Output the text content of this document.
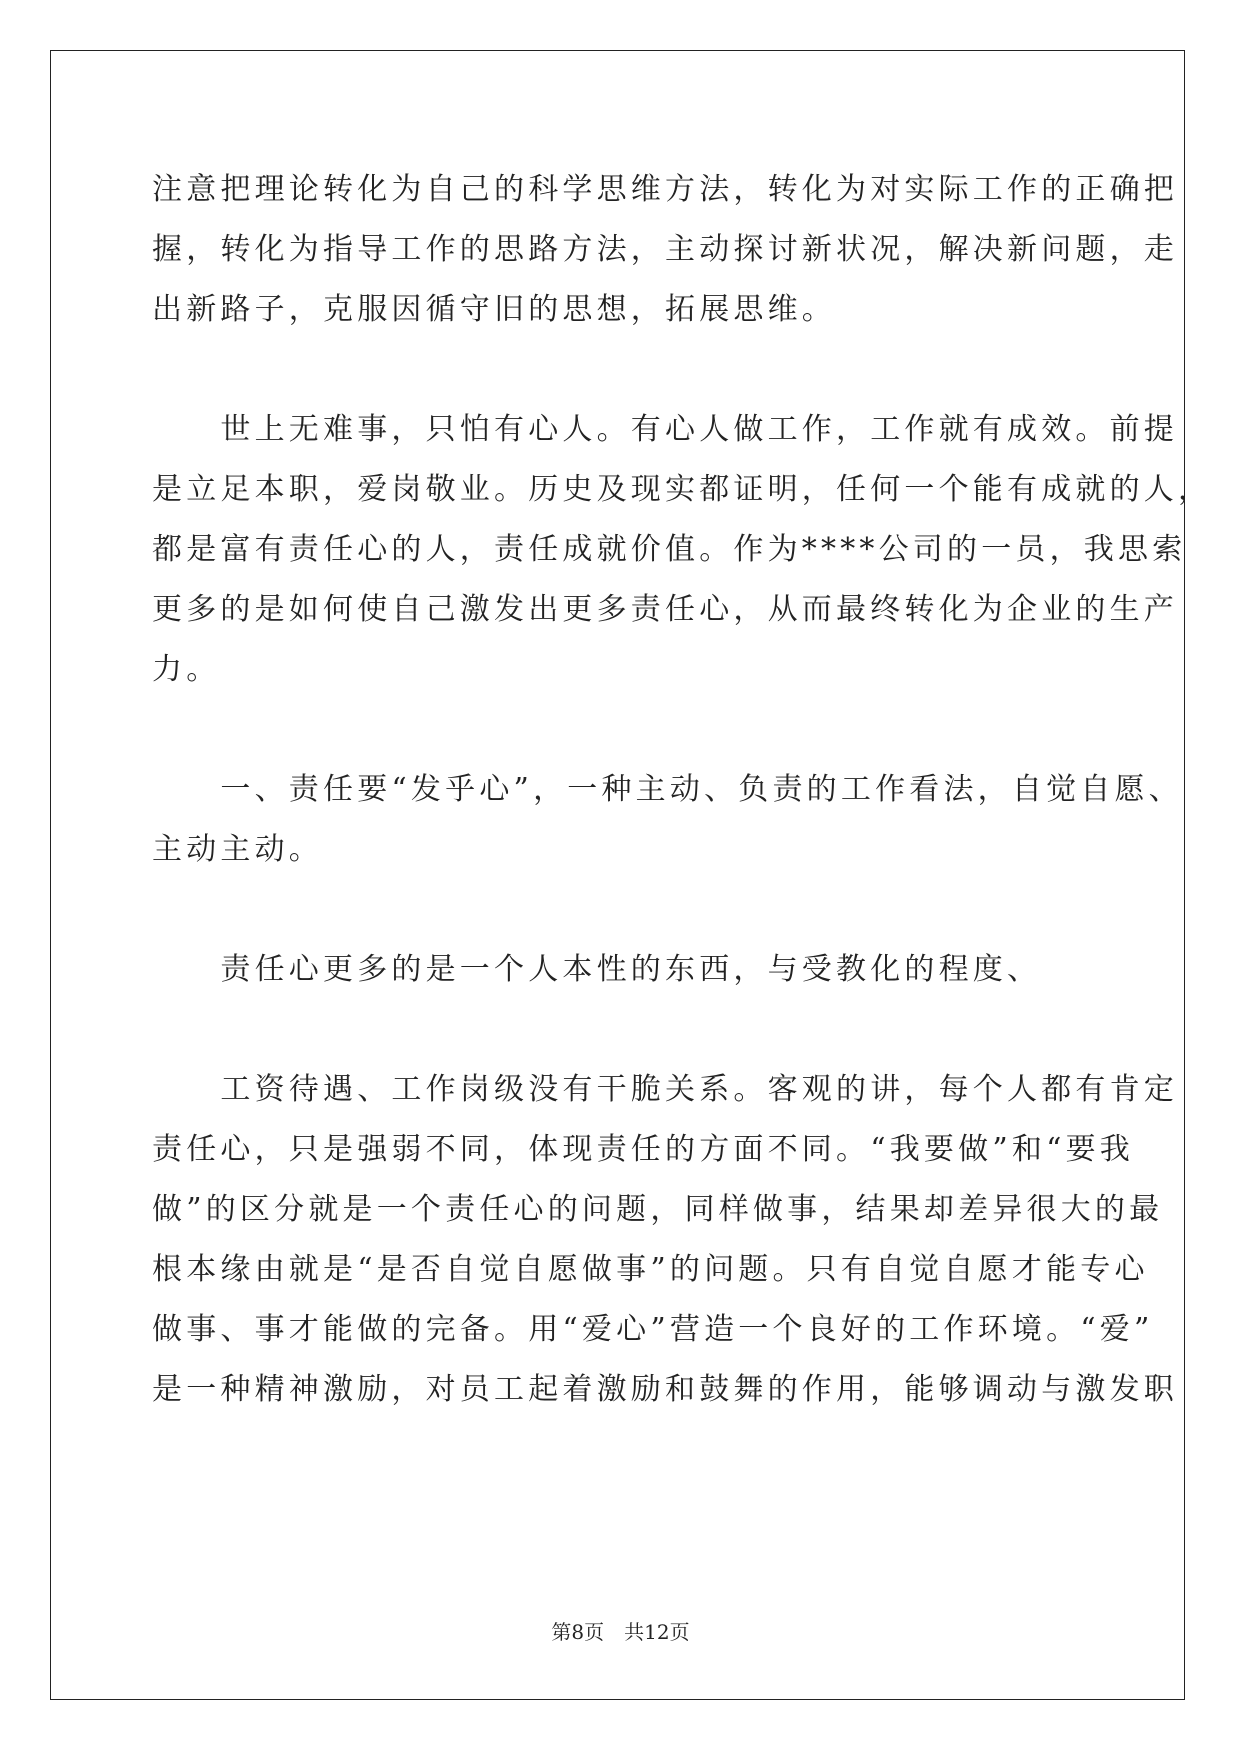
注意把理论转化为自己的科学思维方法，转化为对实际工作的正确把
握，转化为指导工作的思路方法，主动探讨新状况，解决新问题，走
出新路子，克服因循守旧的思想，拓展思维。
　　世上无难事，只怕有心人。有心人做工作，工作就有成效。前提
是立足本职，爱岗敬业。历史及现实都证明，任何一个能有成就的人，
都是富有责任心的人，责任成就价值。作为****公司的一员，我思索
更多的是如何使自己激发出更多责任心，从而最终转化为企业的生产
力。
　　一、责任要“发乎心”，一种主动、负责的工作看法，自觉自愿、
主动主动。
　　责任心更多的是一个人本性的东西，与受教化的程度、
　　工资待遇、工作岗级没有干脆关系。客观的讲，每个人都有肯定
责任心，只是强弱不同，体现责任的方面不同。“我要做”和“要我
做”的区分就是一个责任心的问题，同样做事，结果却差异很大的最
根本缘由就是“是否自觉自愿做事”的问题。只有自觉自愿才能专心
做事、事才能做的完备。用“爱心”营造一个良好的工作环境。“爱”
是一种精神激励，对员工起着激励和鼓舞的作用，能够调动与激发职
第8页　共12页
